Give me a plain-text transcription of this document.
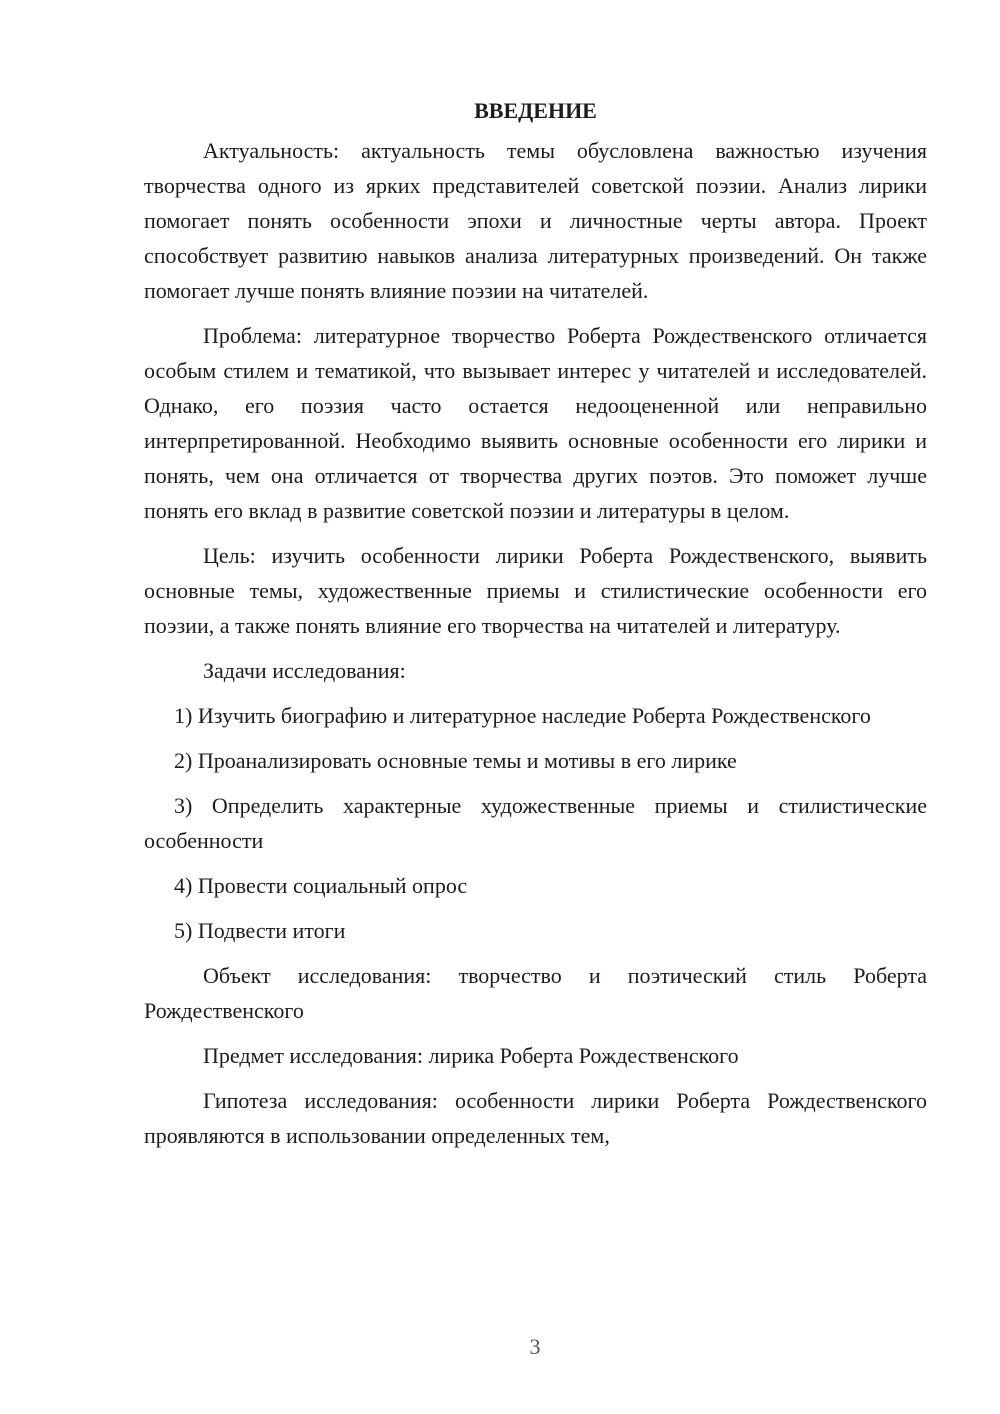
ВВЕДЕНИЕ

Актуальность: актуальность темы обусловлена важностью изучения творчества одного из ярких представителей советской поэзии. Анализ лирики помогает понять особенности эпохи и личностные черты автора. Проект способствует развитию навыков анализа литературных произведений. Он также помогает лучше понять влияние поэзии на читателей.

Проблема: литературное творчество Роберта Рождественского отличается особым стилем и тематикой, что вызывает интерес у читателей и исследователей. Однако, его поэзия часто остается недооцененной или неправильно интерпретированной. Необходимо выявить основные особенности его лирики и понять, чем она отличается от творчества других поэтов. Это поможет лучше понять его вклад в развитие советской поэзии и литературы в целом.

Цель: изучить особенности лирики Роберта Рождественского, выявить основные темы, художественные приемы и стилистические особенности его поэзии, а также понять влияние его творчества на читателей и литературу.

Задачи исследования:

1) Изучить биографию и литературное наследие Роберта Рождественского

2) Проанализировать основные темы и мотивы в его лирике

3) Определить характерные художественные приемы и стилистические особенности

4) Провести социальный опрос

5) Подвести итоги

Объект исследования: творчество и поэтический стиль Роберта Рождественского

Предмет исследования: лирика Роберта Рождественского

Гипотеза исследования: особенности лирики Роберта Рождественского проявляются в использовании определенных тем,

3
